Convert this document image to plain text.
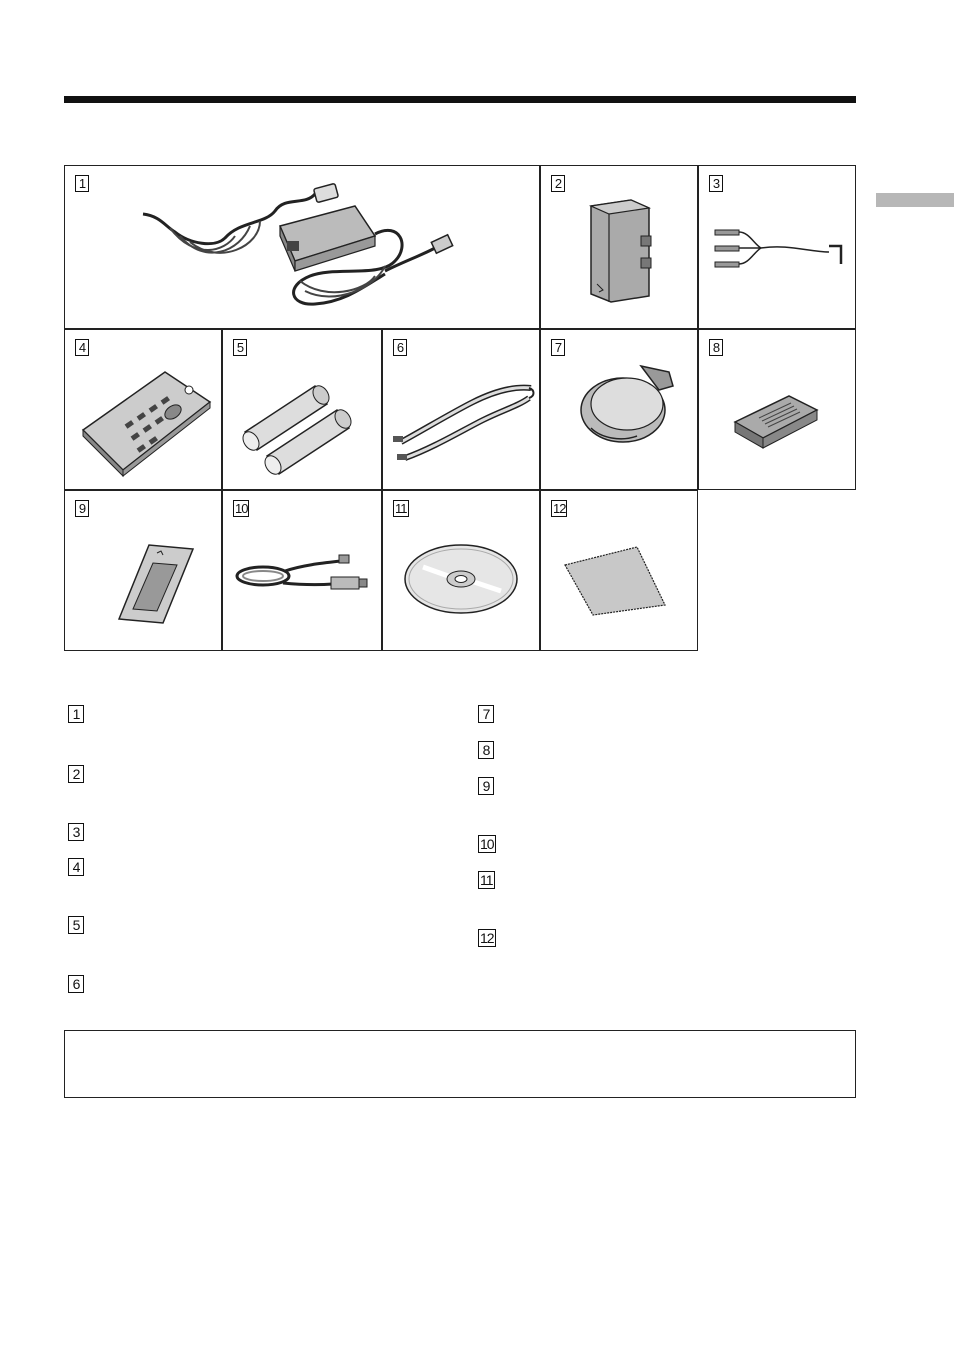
1	2	3
4	5	6	7	8
9	10	11	12
1
2
3
4
5
6
7
8
9
10
11
12
